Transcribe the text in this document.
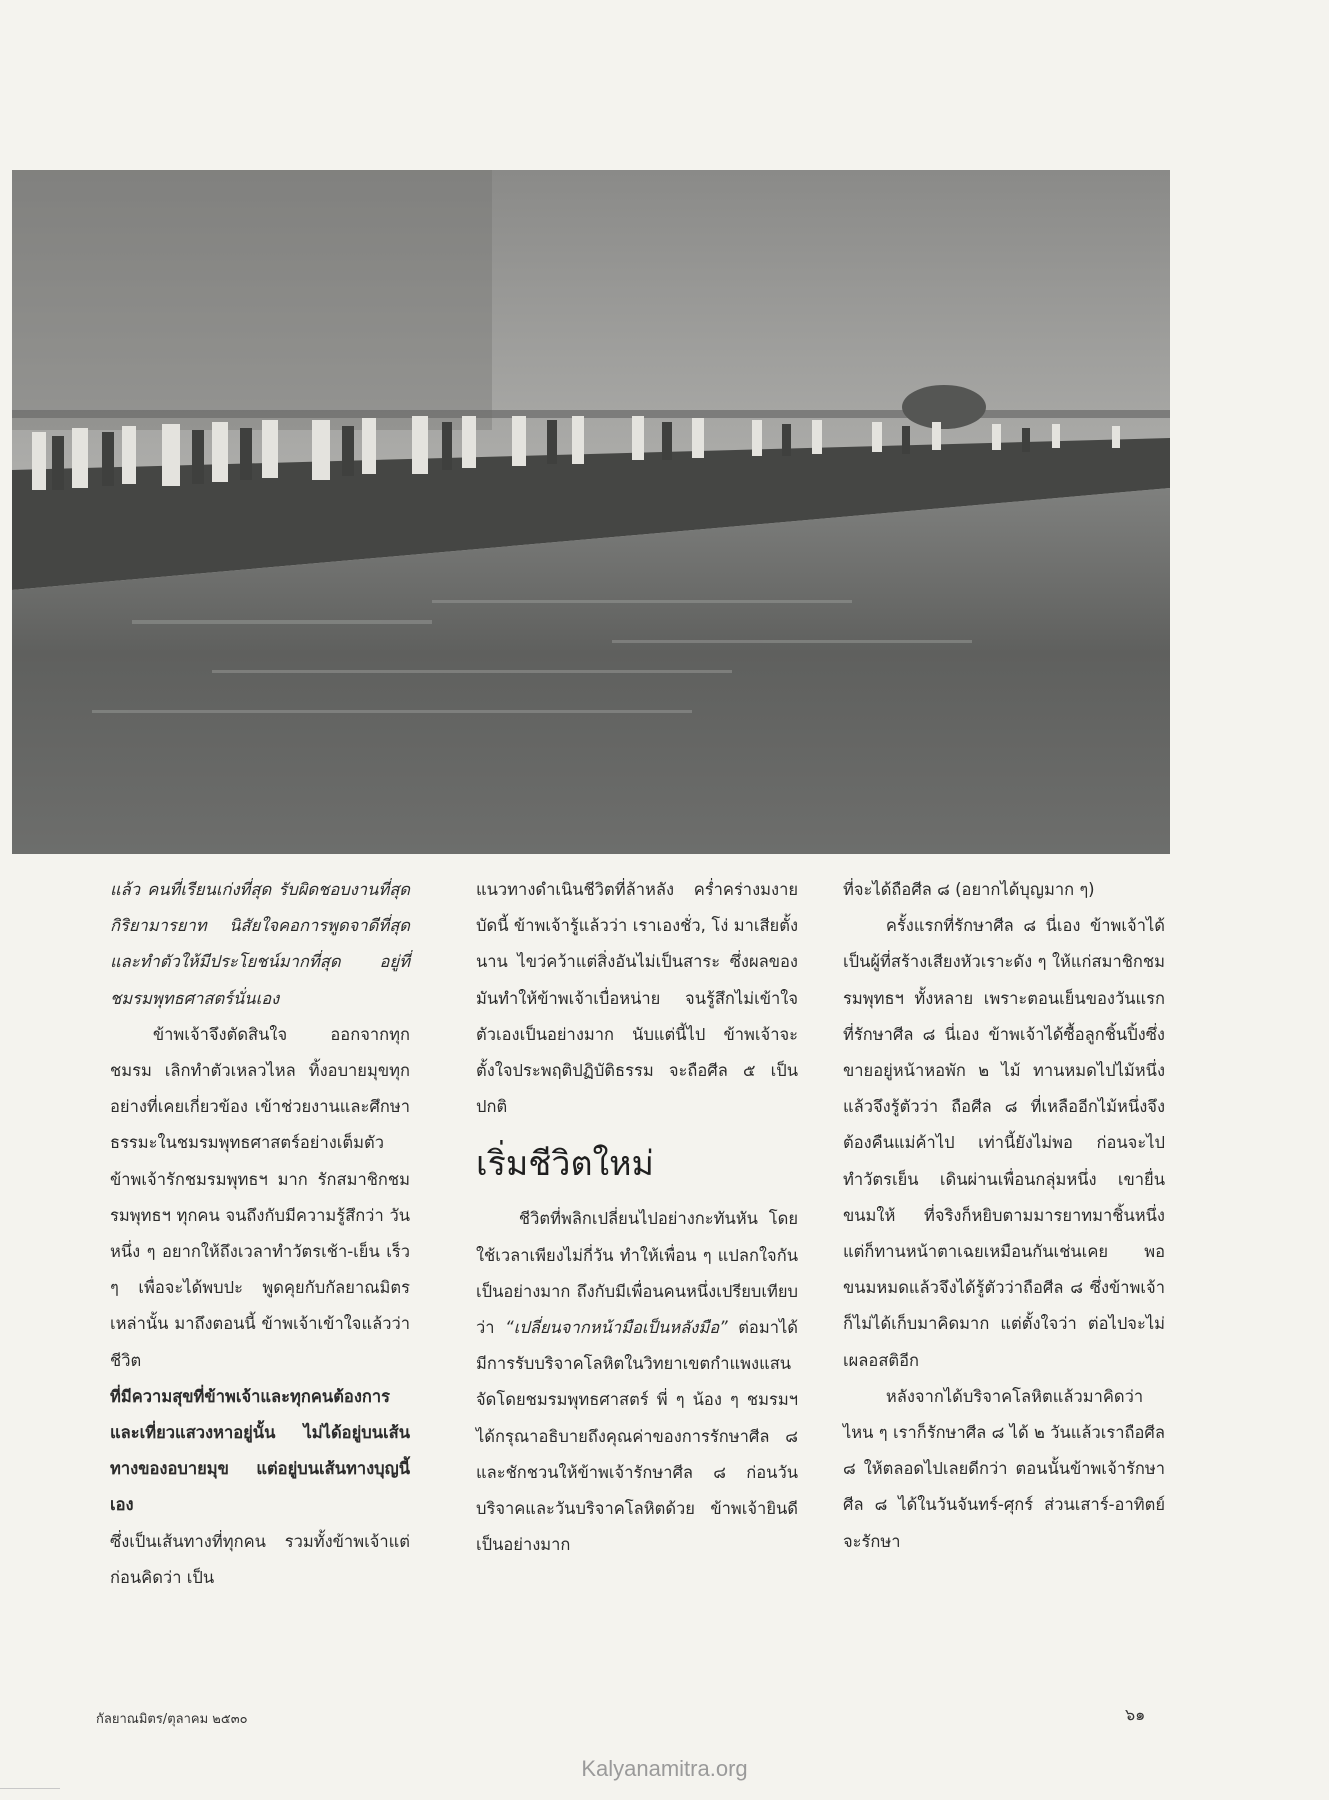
แล้ว คนที่เรียนเก่งที่สุด รับผิดชอบงานที่สุด กิริยามารยาท นิสัยใจคอการพูดจาดีที่สุดและทำตัวให้มีประโยชน์มากที่สุด อยู่ที่ชมรมพุทธศาสตร์นั่นเอง

ข้าพเจ้าจึงตัดสินใจ ออกจากทุกชมรม เลิกทำตัวเหลวไหล ทิ้งอบายมุขทุกอย่างที่เคยเกี่ยวข้อง เข้าช่วยงานและศึกษาธรรมะในชมรมพุทธศาสตร์อย่างเต็มตัว ข้าพเจ้ารักชมรมพุทธฯ มาก รักสมาชิกชมรมพุทธฯ ทุกคน จนถึงกับมีความรู้สึกว่า วันหนึ่ง ๆ อยากให้ถึงเวลาทำวัตรเช้า-เย็น เร็ว ๆ เพื่อจะได้พบปะ พูดคุยกับกัลยาณมิตรเหล่านั้น มาถึงตอนนี้ ข้าพเจ้าเข้าใจแล้วว่า ชีวิต

ที่มีความสุขที่ข้าพเจ้าและทุกคนต้องการและเที่ยวแสวงหาอยู่นั้น ไม่ได้อยู่บนเส้นทางของอบายมุข แต่อยู่บนเส้นทางบุญนี้เอง

ซึ่งเป็นเส้นทางที่ทุกคน รวมทั้งข้าพเจ้าแต่ก่อนคิดว่า เป็น

แนวทางดำเนินชีวิตที่ล้าหลัง คร่ำคร่างมงาย บัดนี้ ข้าพเจ้ารู้แล้วว่า เราเองชั่ว, โง่ มาเสียตั้งนาน ไขว่คว้าแต่สิ่งอันไม่เป็นสาระ ซึ่งผลของมันทำให้ข้าพเจ้าเบื่อหน่าย จนรู้สึกไม่เข้าใจตัวเองเป็นอย่างมาก นับแต่นี้ไป ข้าพเจ้าจะตั้งใจประพฤติปฏิบัติธรรม จะถือศีล ๕ เป็นปกติ

เริ่มชีวิตใหม่

ชีวิตที่พลิกเปลี่ยนไปอย่างกะทันหัน โดยใช้เวลาเพียงไม่กี่วัน ทำให้เพื่อน ๆ แปลกใจกันเป็นอย่างมาก ถึงกับมีเพื่อนคนหนึ่งเปรียบเทียบว่า “เปลี่ยนจากหน้ามือเป็นหลังมือ” ต่อมาได้มีการรับบริจาคโลหิตในวิทยาเขตกำแพงแสน จัดโดยชมรมพุทธศาสตร์ พี่ ๆ น้อง ๆ ชมรมฯ ได้กรุณาอธิบายถึงคุณค่าของการรักษาศีล ๘ และชักชวนให้ข้าพเจ้ารักษาศีล ๘ ก่อนวันบริจาคและวันบริจาคโลหิตด้วย ข้าพเจ้ายินดีเป็นอย่างมาก

ที่จะได้ถือศีล ๘ (อยากได้บุญมาก ๆ)

ครั้งแรกที่รักษาศีล ๘ นี่เอง ข้าพเจ้าได้เป็นผู้ที่สร้างเสียงหัวเราะดัง ๆ ให้แก่สมาชิกชมรมพุทธฯ ทั้งหลาย เพราะตอนเย็นของวันแรกที่รักษาศีล ๘ นี่เอง ข้าพเจ้าได้ซื้อลูกชิ้นปิ้งซึ่งขายอยู่หน้าหอพัก ๒ ไม้ ทานหมดไปไม้หนึ่งแล้วจึงรู้ตัวว่า ถือศีล ๘ ที่เหลืออีกไม้หนึ่งจึงต้องคืนแม่ค้าไป เท่านี้ยังไม่พอ ก่อนจะไปทำวัตรเย็น เดินผ่านเพื่อนกลุ่มหนึ่ง เขายื่นขนมให้ ที่จริงก็หยิบตามมารยาทมาชิ้นหนึ่ง แต่ก็ทานหน้าตาเฉยเหมือนกันเช่นเคย พอขนมหมดแล้วจึงได้รู้ตัวว่าถือศีล ๘ ซึ่งข้าพเจ้าก็ไม่ได้เก็บมาคิดมาก แต่ตั้งใจว่า ต่อไปจะไม่เผลอสติอีก

หลังจากได้บริจาคโลหิตแล้วมาคิดว่า ไหน ๆ เราก็รักษาศีล ๘ ได้ ๒ วันแล้วเราถือศีล ๘ ให้ตลอดไปเลยดีกว่า ตอนนั้นข้าพเจ้ารักษาศีล ๘ ได้ในวันจันทร์-ศุกร์ ส่วนเสาร์-อาทิตย์ จะรักษา

กัลยาณมิตร/ตุลาคม ๒๕๓๐	๖๑
Kalyanamitra.org
